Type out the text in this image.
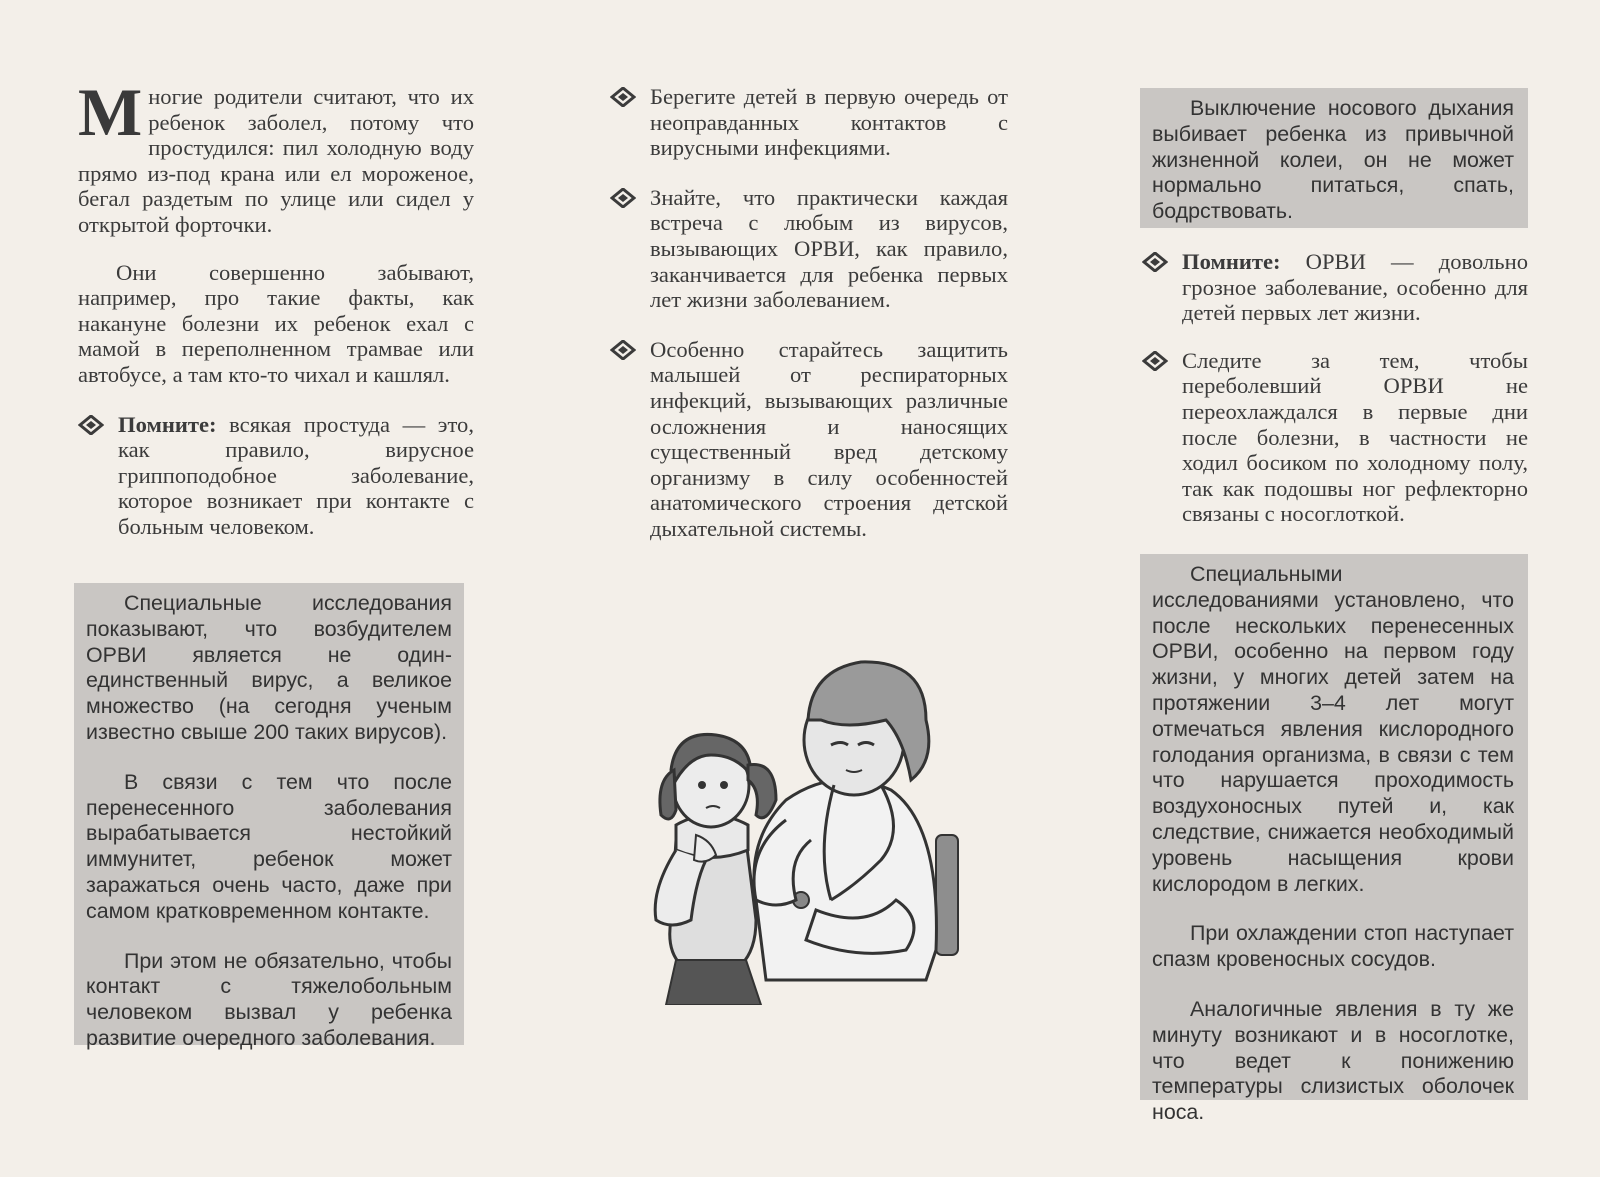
Многие родители считают, что их ребенок заболел, потому что простудился: пил холодную воду прямо из-под крана или ел мороженое, бегал раздетым по улице или сидел у открытой форточки.

Они совершенно забывают, например, про такие факты, как накануне болезни их ребенок ехал с мамой в переполненном трамвае или автобусе, а там кто-то чихал и кашлял.

Помните: всякая простуда — это, как правило, вирусное гриппоподобное заболевание, которое возникает при контакте с больным человеком.

Специальные исследования показывают, что возбудителем ОРВИ является не один-единственный вирус, а великое множество (на сегодня ученым известно свыше 200 таких вирусов).

В связи с тем что после перенесенного заболевания вырабатывается нестойкий иммунитет, ребенок может заражаться очень часто, даже при самом кратковременном контакте.

При этом не обязательно, чтобы контакт с тяжелобольным человеком вызвал у ребенка развитие очередного заболевания.

Берегите детей в первую очередь от неоправданных контактов с вирусными инфекциями.
Знайте, что практически каждая встреча с любым из вирусов, вызывающих ОРВИ, как правило, заканчивается для ребенка первых лет жизни заболеванием.
Особенно старайтесь защитить малышей от респираторных инфекций, вызывающих различные осложнения и наносящих существенный вред детскому организму в силу особенностей анатомического строения детской дыхательной системы.

Выключение носового дыхания выбивает ребенка из привычной жизненной колеи, он не может нормально питаться, спать, бодрствовать.

Помните: ОРВИ — довольно грозное заболевание, особенно для детей первых лет жизни.
Следите за тем, чтобы переболевший ОРВИ не переохлаждался в первые дни после болезни, в частности не ходил босиком по холодному полу, так как подошвы ног рефлекторно связаны с носоглоткой.

Специальными исследованиями установлено, что после нескольких перенесенных ОРВИ, особенно на первом году жизни, у многих детей затем на протяжении 3–4 лет могут отмечаться явления кислородного голодания организма, в связи с тем что нарушается проходимость воздухоносных путей и, как следствие, снижается необходимый уровень насыщения крови кислородом в легких.

При охлаждении стоп наступает спазм кровеносных сосудов.

Аналогичные явления в ту же минуту возникают и в носоглотке, что ведет к понижению температуры слизистых оболочек носа.
